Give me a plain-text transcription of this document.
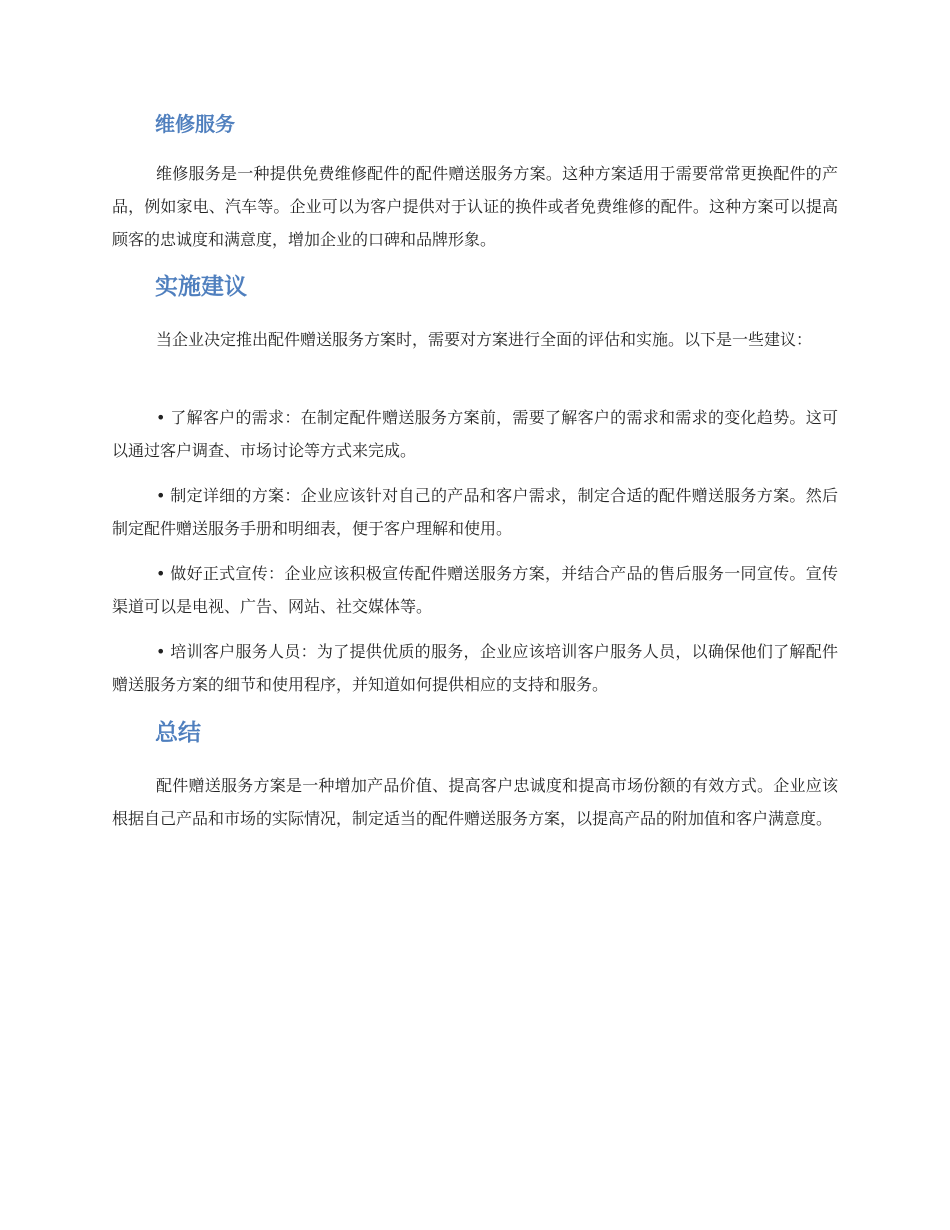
维修服务

维修服务是一种提供免费维修配件的配件赠送服务方案。这种方案适用于需要常常更换配件的产品，例如家电、汽车等。企业可以为客户提供对于认证的换件或者免费维修的配件。这种方案可以提高顾客的忠诚度和满意度，增加企业的口碑和品牌形象。

实施建议

当企业决定推出配件赠送服务方案时，需要对方案进行全面的评估和实施。以下是一些建议：

• 了解客户的需求：在制定配件赠送服务方案前，需要了解客户的需求和需求的变化趋势。这可以通过客户调查、市场讨论等方式来完成。

• 制定详细的方案：企业应该针对自己的产品和客户需求，制定合适的配件赠送服务方案。然后制定配件赠送服务手册和明细表，便于客户理解和使用。

• 做好正式宣传：企业应该积极宣传配件赠送服务方案，并结合产品的售后服务一同宣传。宣传渠道可以是电视、广告、网站、社交媒体等。

• 培训客户服务人员：为了提供优质的服务，企业应该培训客户服务人员，以确保他们了解配件赠送服务方案的细节和使用程序，并知道如何提供相应的支持和服务。

总结

配件赠送服务方案是一种增加产品价值、提高客户忠诚度和提高市场份额的有效方式。企业应该根据自己产品和市场的实际情况，制定适当的配件赠送服务方案，以提高产品的附加值和客户满意度。
